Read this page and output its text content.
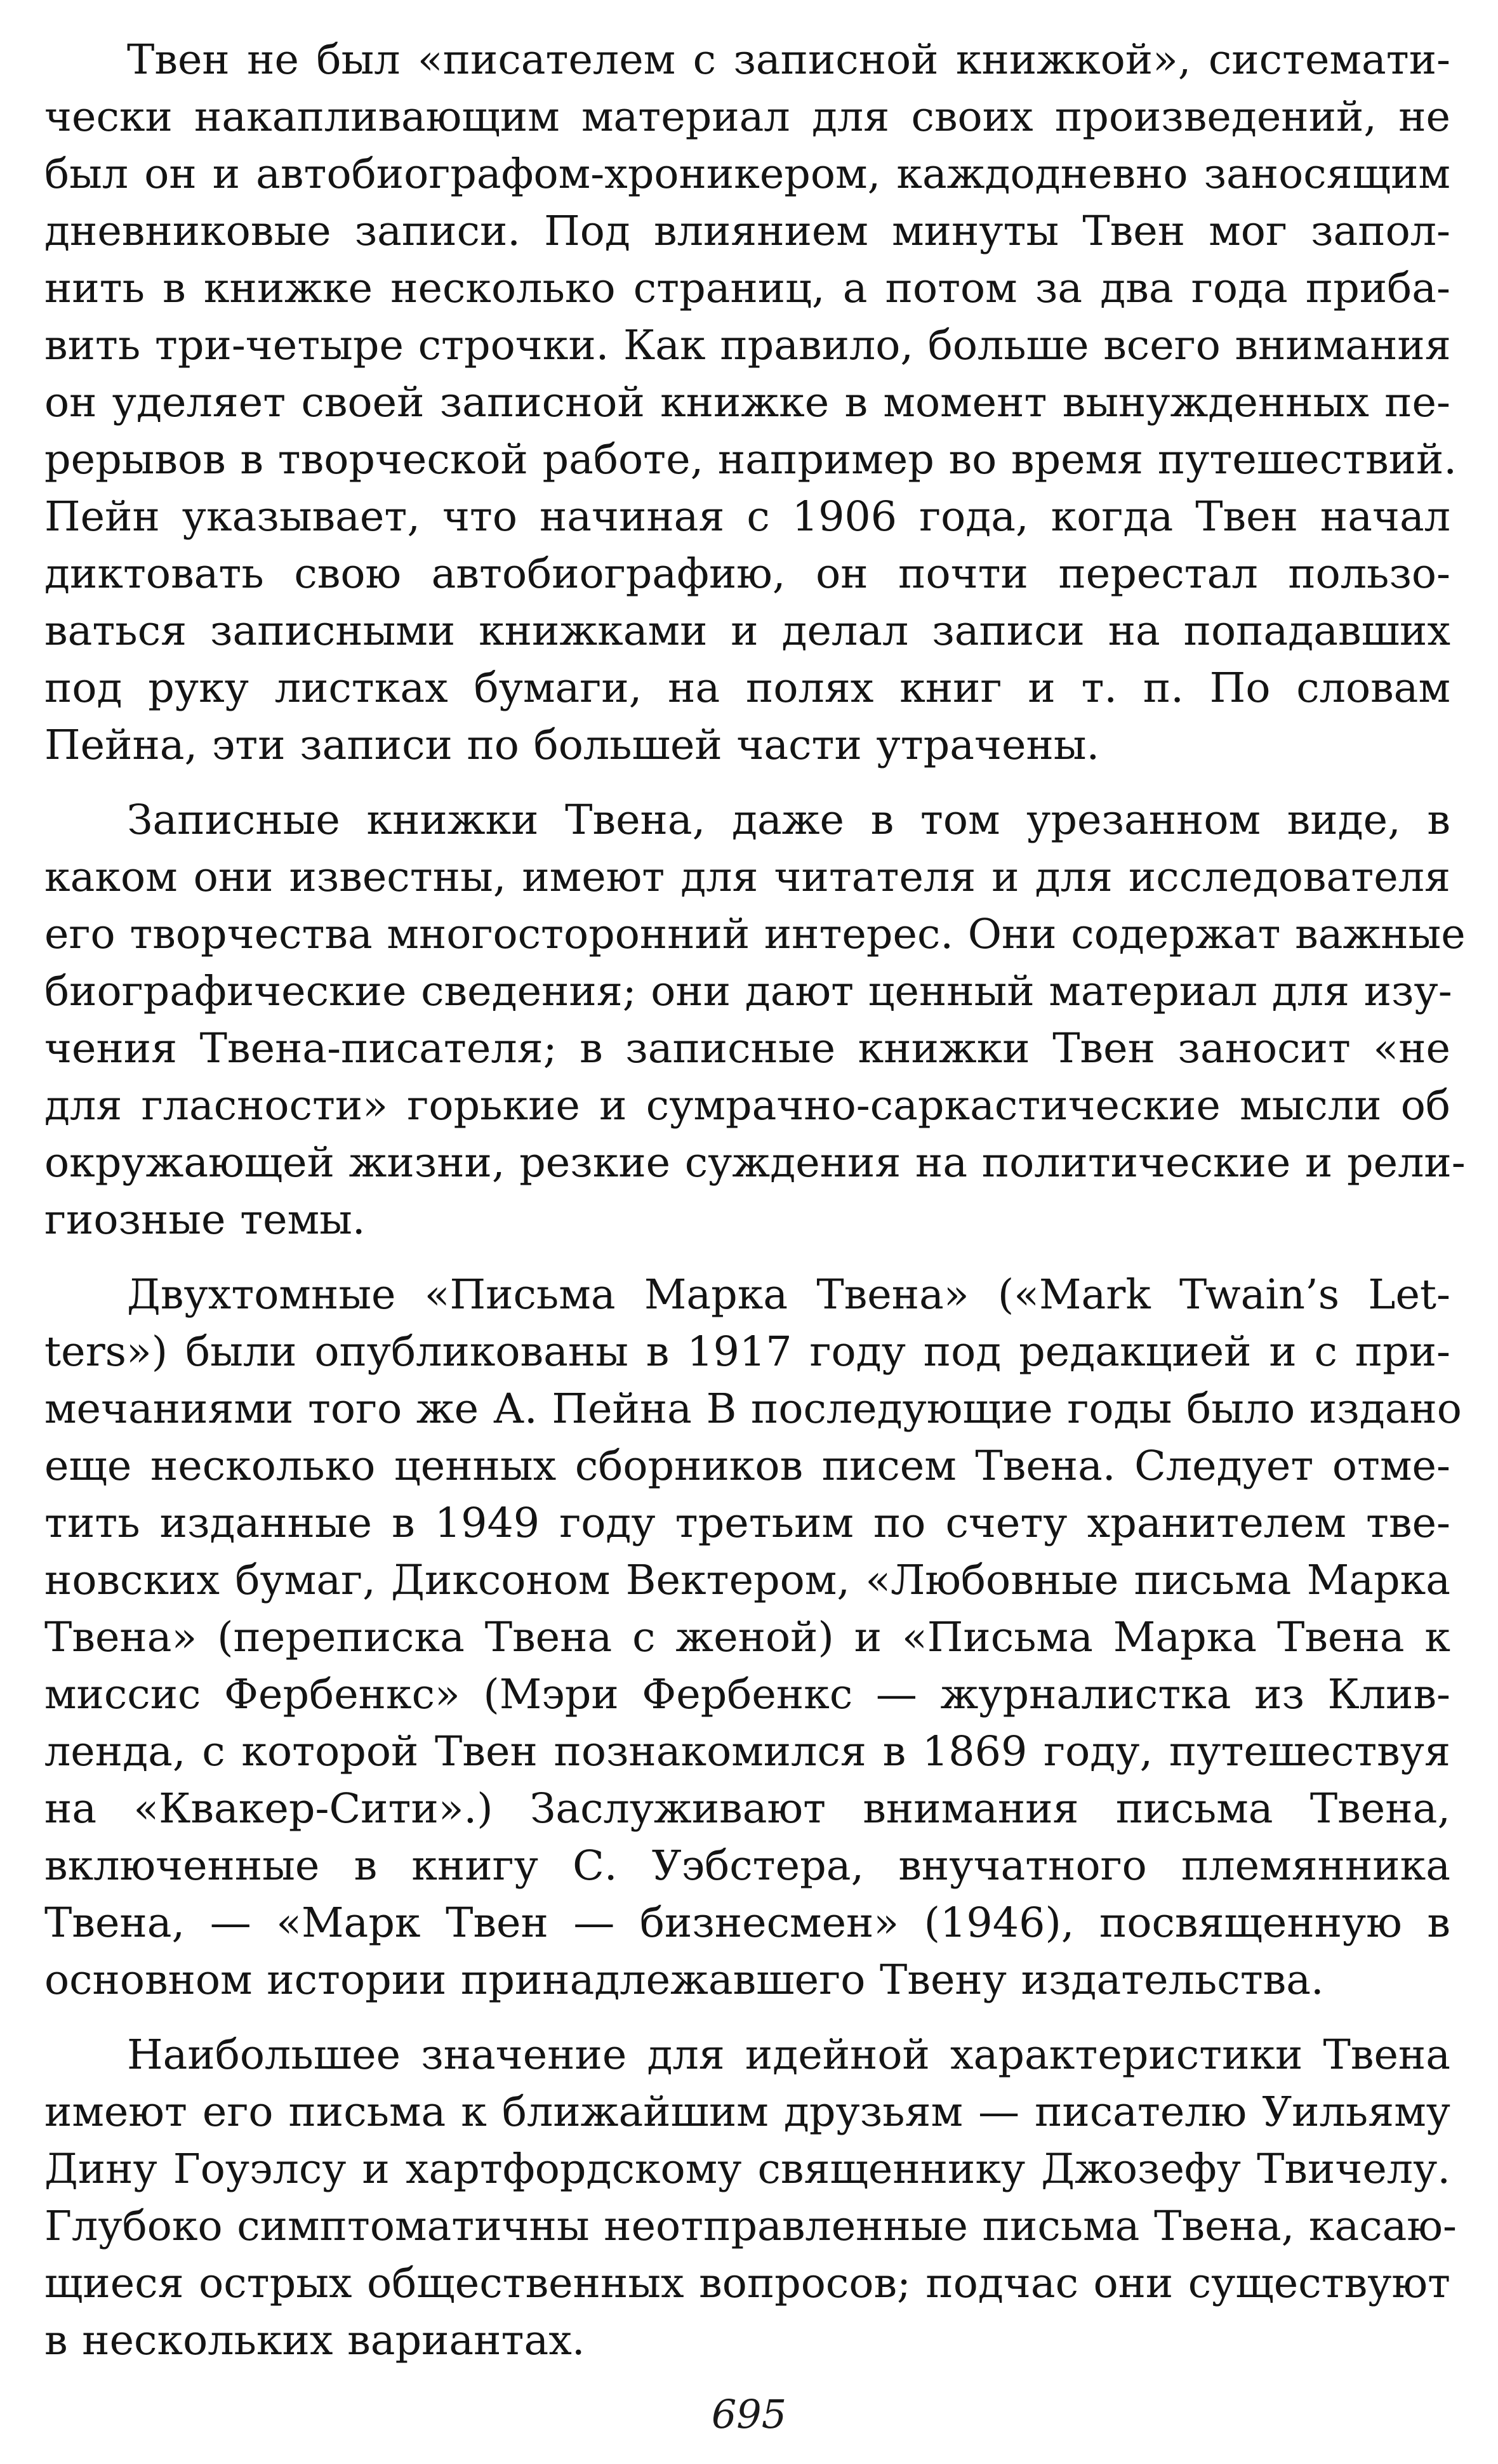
Твен не был «писателем с записной книжкой», системати-
чески накапливающим материал для своих произведений, не
был он и автобиографом-хроникером, каждодневно заносящим
дневниковые записи. Под влиянием минуты Твен мог запол-
нить в книжке несколько страниц, а потом за два года приба-
вить три-четыре строчки. Как правило, больше всего внимания
он уделяет своей записной книжке в момент вынужденных пе-
рерывов в творческой работе, например во время путешествий.
Пейн указывает, что начиная с 1906 года, когда Твен начал
диктовать свою автобиографию, он почти перестал пользо-
ваться записными книжками и делал записи на попадавших
под руку листках бумаги, на полях книг и т. п. По словам
Пейна, эти записи по большей части утрачены.
Записные книжки Твена, даже в том урезанном виде, в
каком они известны, имеют для читателя и для исследователя
его творчества многосторонний интерес. Они содержат важные
биографические сведения; они дают ценный материал для изу-
чения Твена-писателя; в записные книжки Твен заносит «не
для гласности» горькие и сумрачно-саркастические мысли об
окружающей жизни, резкие суждения на политические и рели-
гиозные темы.
Двухтомные «Письма Марка Твена» («Mark Twain’s Let-
ters») были опубликованы в 1917 году под редакцией и с при-
мечаниями того же А. Пейна В последующие годы было издано
еще несколько ценных сборников писем Твена. Следует отме-
тить изданные в 1949 году третьим по счету хранителем тве-
новских бумаг, Диксоном Вектером, «Любовные письма Марка
Твена» (переписка Твена с женой) и «Письма Марка Твена к
миссис Фербенкс» (Мэри Фербенкс — журналистка из Клив-
ленда, с которой Твен познакомился в 1869 году, путешествуя
на «Квакер-Сити».) Заслуживают внимания письма Твена,
включенные в книгу С. Уэбстера, внучатного племянника
Твена, — «Марк Твен — бизнесмен» (1946), посвященную в
основном истории принадлежавшего Твену издательства.
Наибольшее значение для идейной характеристики Твена
имеют его письма к ближайшим друзьям — писателю Уильяму
Дину Гоуэлсу и хартфордскому священнику Джозефу Твичелу.
Глубоко симптоматичны неотправленные письма Твена, касаю-
щиеся острых общественных вопросов; подчас они существуют
в нескольких вариантах.
695
